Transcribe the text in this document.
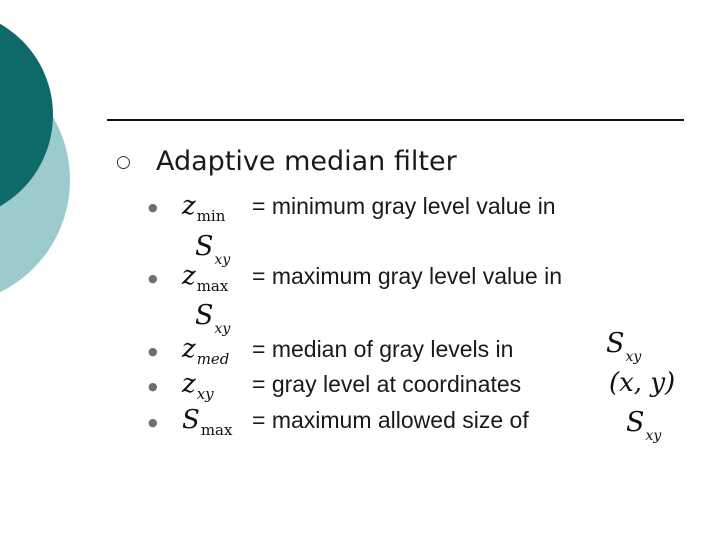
○ Adaptive median filter
● $z_{min}$ = minimum gray level value in
$S_{xy}$
● $z_{max}$ = maximum gray level value in
$S_{xy}$
● $z_{med}$ = median of gray levels in	$S_{xy}$
● $z_{xy}$ = gray level at coordinates	(x, y)
● $S_{max}$ = maximum allowed size of	$S_{xy}$
